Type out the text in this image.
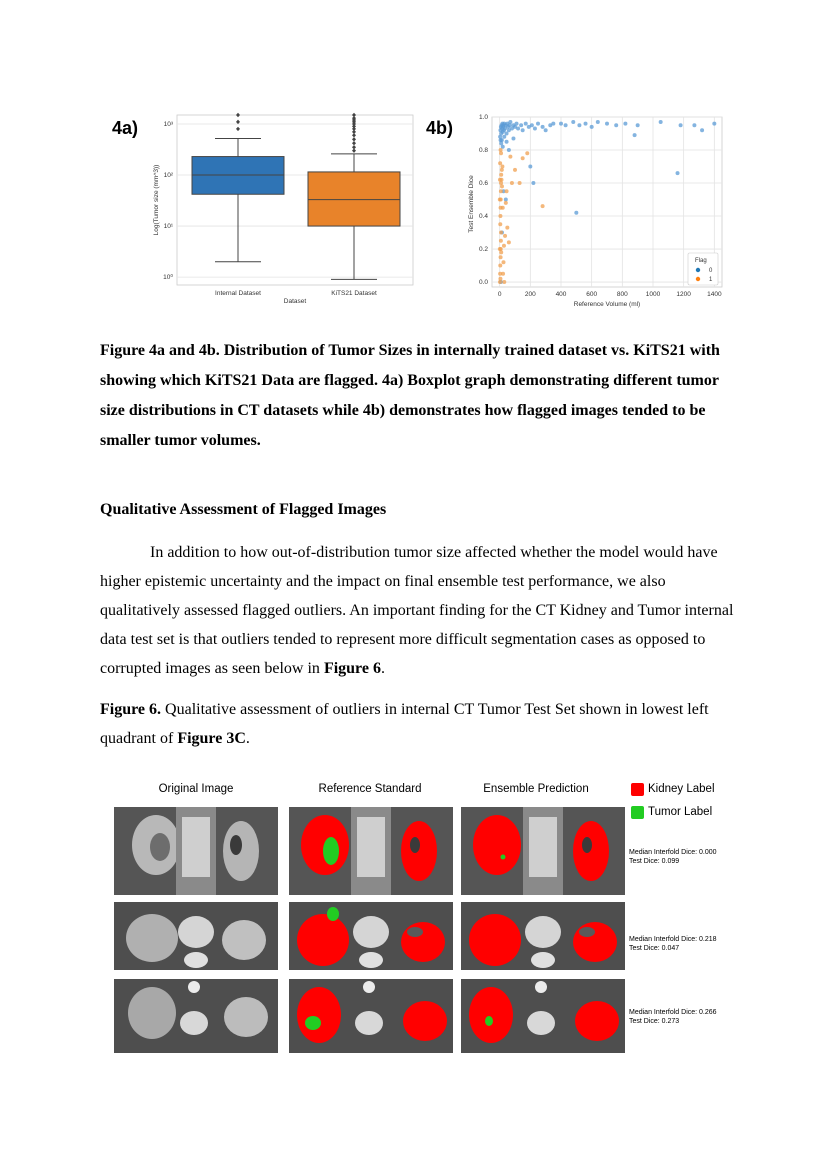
4a)	4b)
10⁰
10¹
10²
10³
Log(Tumor size (mm^3))
Dataset
Internal Dataset	KiTS21 Dataset
0.0
0.2
0.4
0.6
0.8
1.0
0	200	400	600	800	1000 1200 1400
Test Ensemble Dice
Reference Volume (ml)
Flag
0
1
Figure 4a and 4b. Distribution of Tumor Sizes in internally trained dataset vs. KiTS21 with showing which KiTS21 Data are flagged. 4a) Boxplot graph demonstrating different tumor size distributions in CT datasets while 4b) demonstrates how flagged images tended to be smaller tumor volumes.
Qualitative Assessment of Flagged Images

In addition to how out-of-distribution tumor size affected whether the model would have higher epistemic uncertainty and the impact on final ensemble test performance, we also qualitatively assessed flagged outliers. An important finding for the CT Kidney and Tumor internal data test set is that outliers tended to represent more difficult segmentation cases as opposed to corrupted images as seen below in Figure 6.

Figure 6. Qualitative assessment of outliers in internal CT Tumor Test Set shown in lowest left quadrant of Figure 3C.
Original Image	Reference Standard	Ensemble Prediction	Kidney Label
Tumor Label
Median Interfold Dice: 0.000
Test Dice: 0.099
Median Interfold Dice: 0.218
Test Dice: 0.047
Median Interfold Dice: 0.266
Test Dice: 0.273
